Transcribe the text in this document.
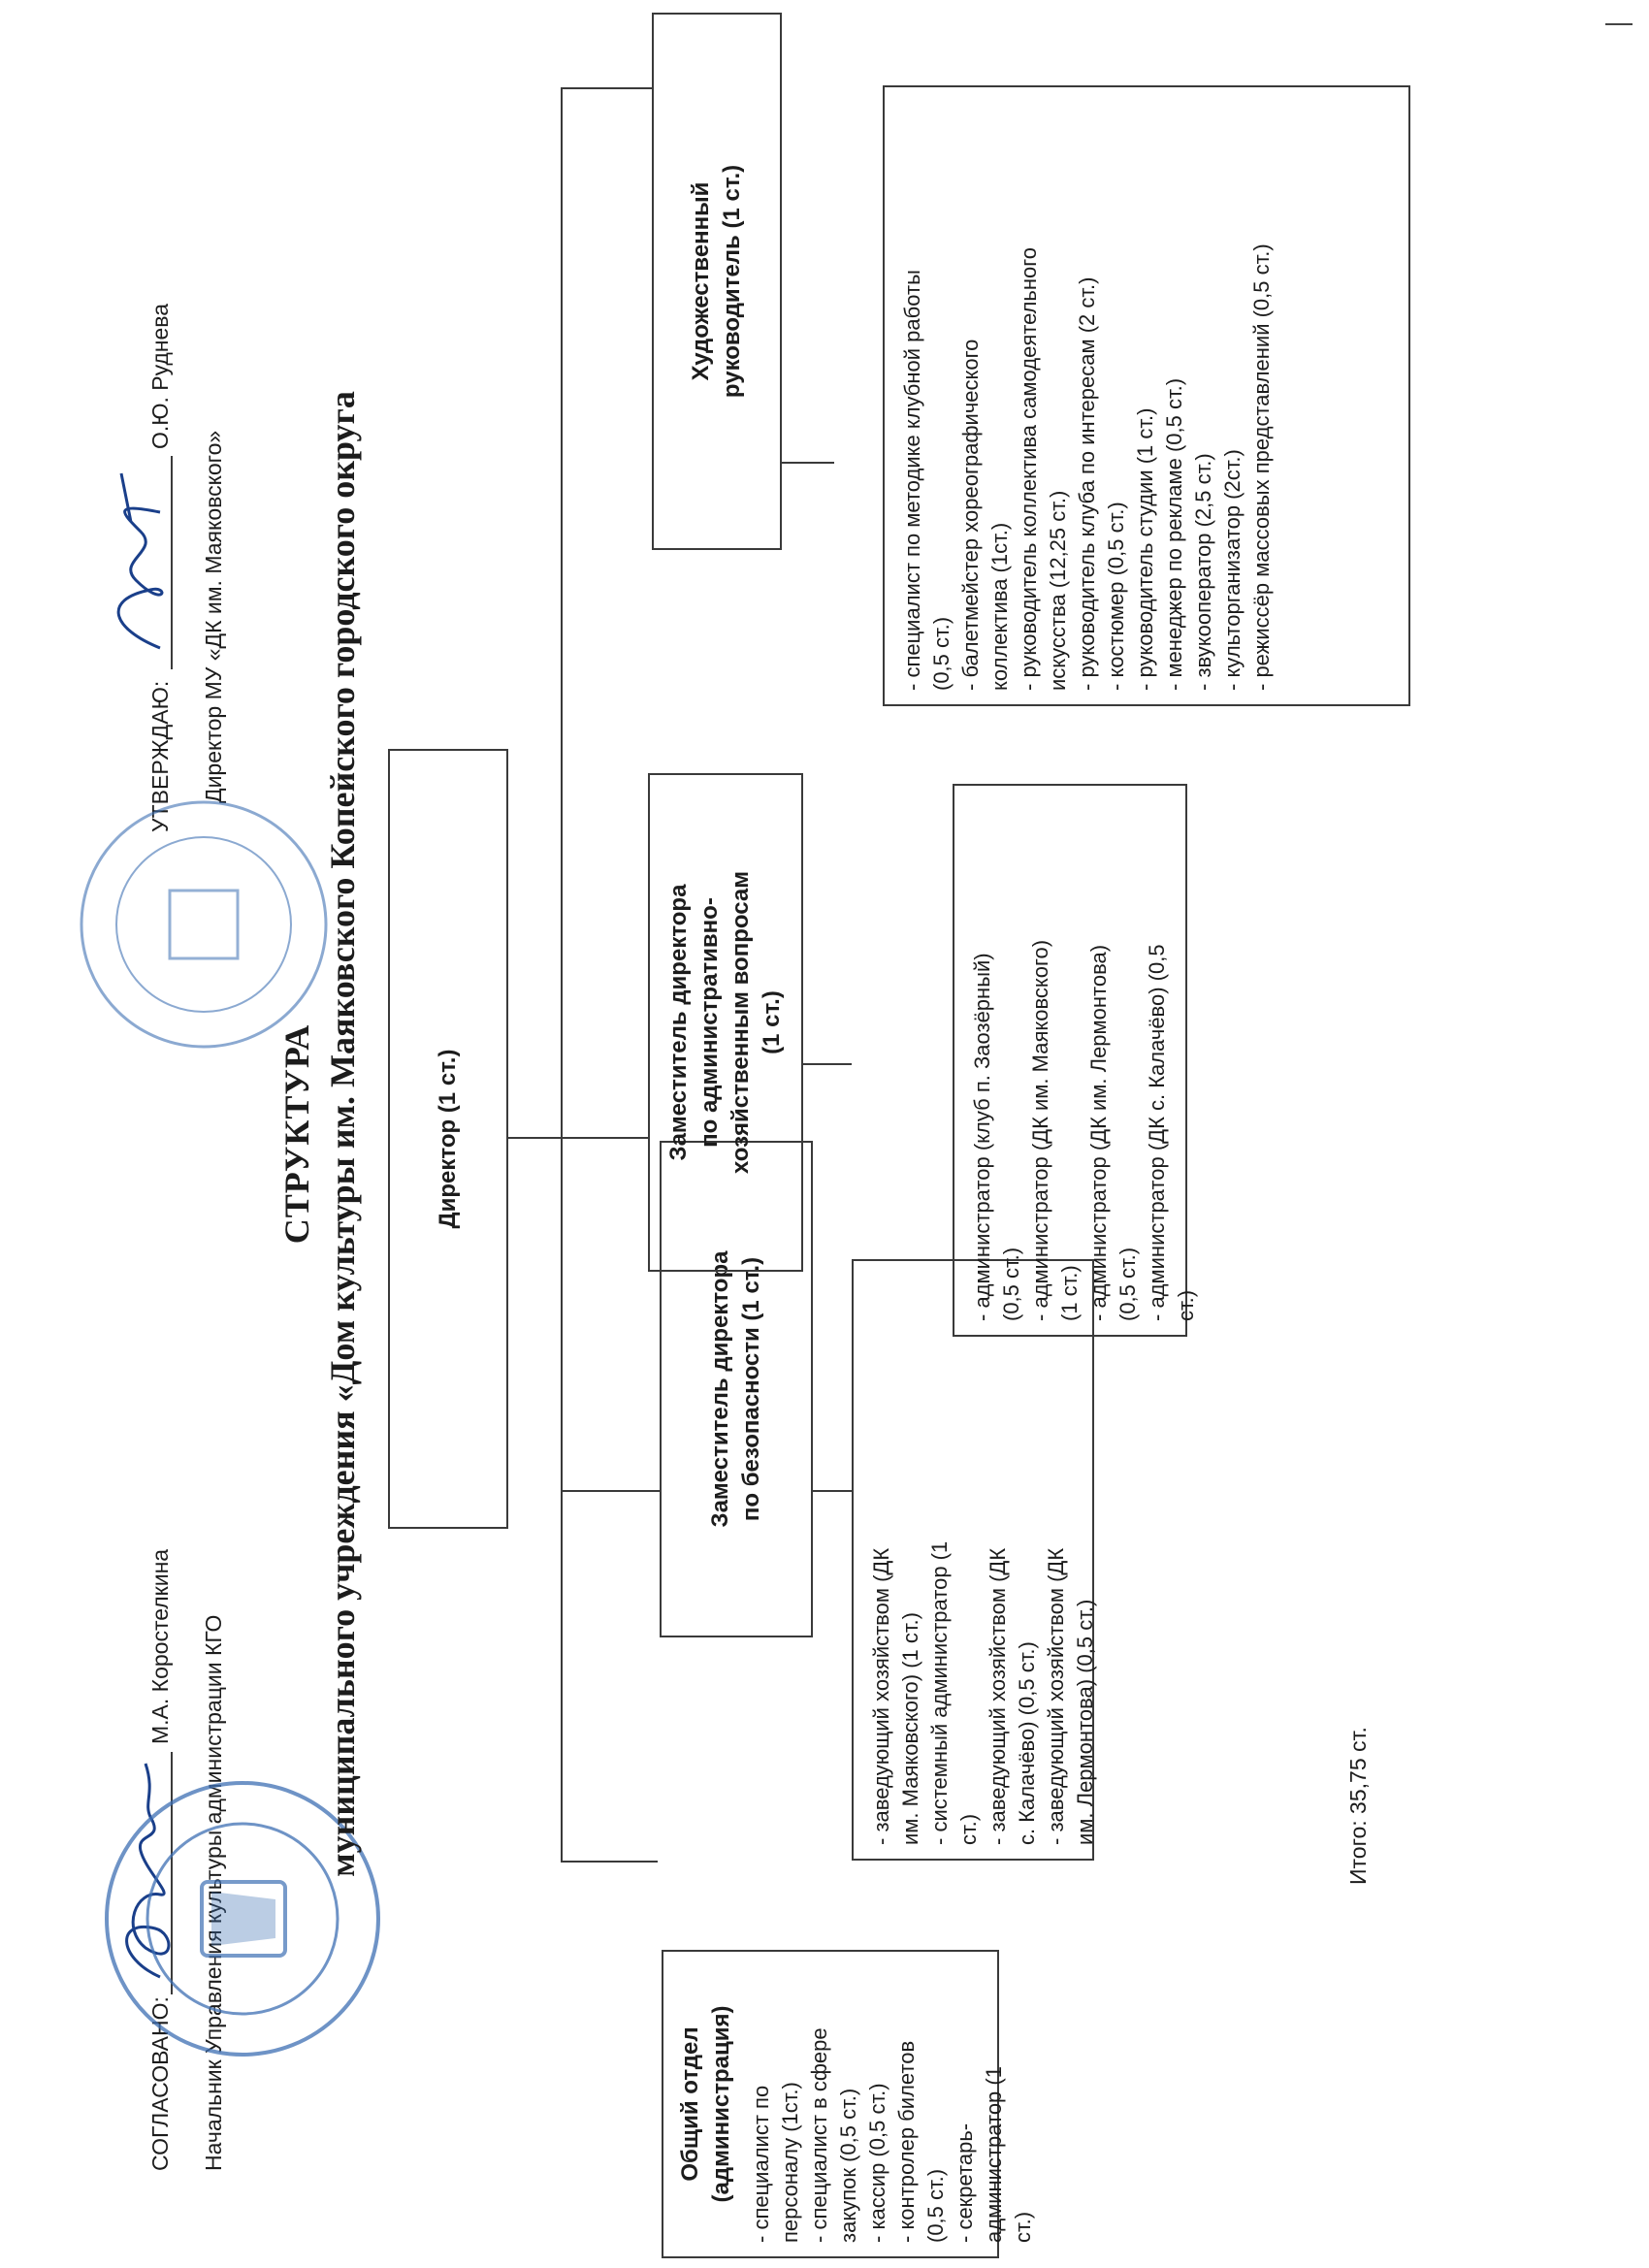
СОГЛАСОВАНО:
М.А. Коростелкина Начальник Управления культуры администрации КГО
УТВЕРЖДАЮ:
О.Ю. Руднева
Директор МУ «ДК им. Маяковского»
СТРУКТУРА муниципального учреждения «Дом культуры им. Маяковского Копейского городского округа	Директор (1 ст.)
Заместитель директора
по безопасности (1 ст.)
Заместитель директора
по административно-
хозяйственным вопросам
(1 ст.)
Художественный
руководитель (1 ст.)
Общий отдел
(администрация) - специалист по персоналу (1ст.) - специалист в сфере закупок (0,5 ст.) - кассир (0,5 ст.) - контролер билетов (0,5 ст.) - секретарь- администратор (1 ст.)
- заведующий хозяйством (ДК им. Маяковского) (1 ст.) - системный администратор (1 ст.) - заведующий хозяйством (ДК с. Калачёво) (0,5 ст.) - заведующий хозяйством (ДК им. Лермонтова) (0,5 ст.)
- администратор (клуб п. Заозёрный) (0,5 ст.) - администратор (ДК им. Маяковского) (1 ст.) - администратор (ДК им. Лермонтова) (0,5 ст.) - администратор (ДК с. Калачёво) (0,5 ст.)
- специалист по методике клубной работы (0,5 ст.) - балетмейстер хореографического коллектива (1ст.) - руководитель коллектива самодеятельного искусства (12,25 ст.) - руководитель клуба по интересам (2 ст.) - костюмер (0,5 ст.) - руководитель студии (1 ст.) - менеджер по рекламе (0,5 ст.) - звукооператор (2,5 ст.) - культорганизатор (2ст.) - режиссёр массовых представлений (0,5 ст.)
Итого: 35,75 ст.
